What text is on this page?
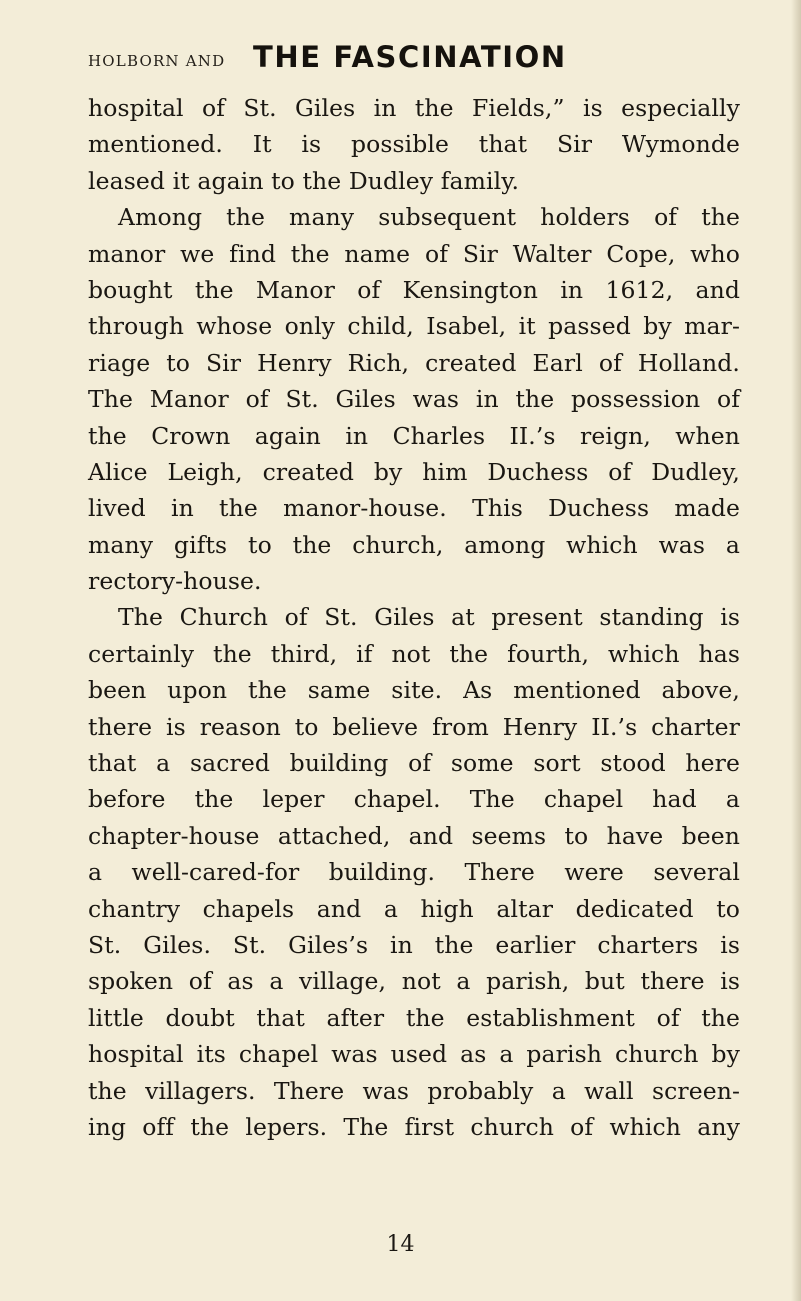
HOLBORN AND THE FASCINATION
hospital of St. Giles in the Fields,” is especially
mentioned. It is possible that Sir Wymonde
leased it again to the Dudley family.
Among the many subsequent holders of the
manor we find the name of Sir Walter Cope, who
bought the Manor of Kensington in 1612, and
through whose only child, Isabel, it passed by mar-
riage to Sir Henry Rich, created Earl of Holland.
The Manor of St. Giles was in the possession of
the Crown again in Charles II.’s reign, when
Alice Leigh, created by him Duchess of Dudley,
lived in the manor-house. This Duchess made
many gifts to the church, among which was a
rectory-house.
The Church of St. Giles at present standing is
certainly the third, if not the fourth, which has
been upon the same site. As mentioned above,
there is reason to believe from Henry II.’s charter
that a sacred building of some sort stood here
before the leper chapel. The chapel had a
chapter-house attached, and seems to have been
a well-cared-for building. There were several
chantry chapels and a high altar dedicated to
St. Giles. St. Giles’s in the earlier charters is
spoken of as a village, not a parish, but there is
little doubt that after the establishment of the
hospital its chapel was used as a parish church by
the villagers. There was probably a wall screen-
ing off the lepers. The first church of which any
14
